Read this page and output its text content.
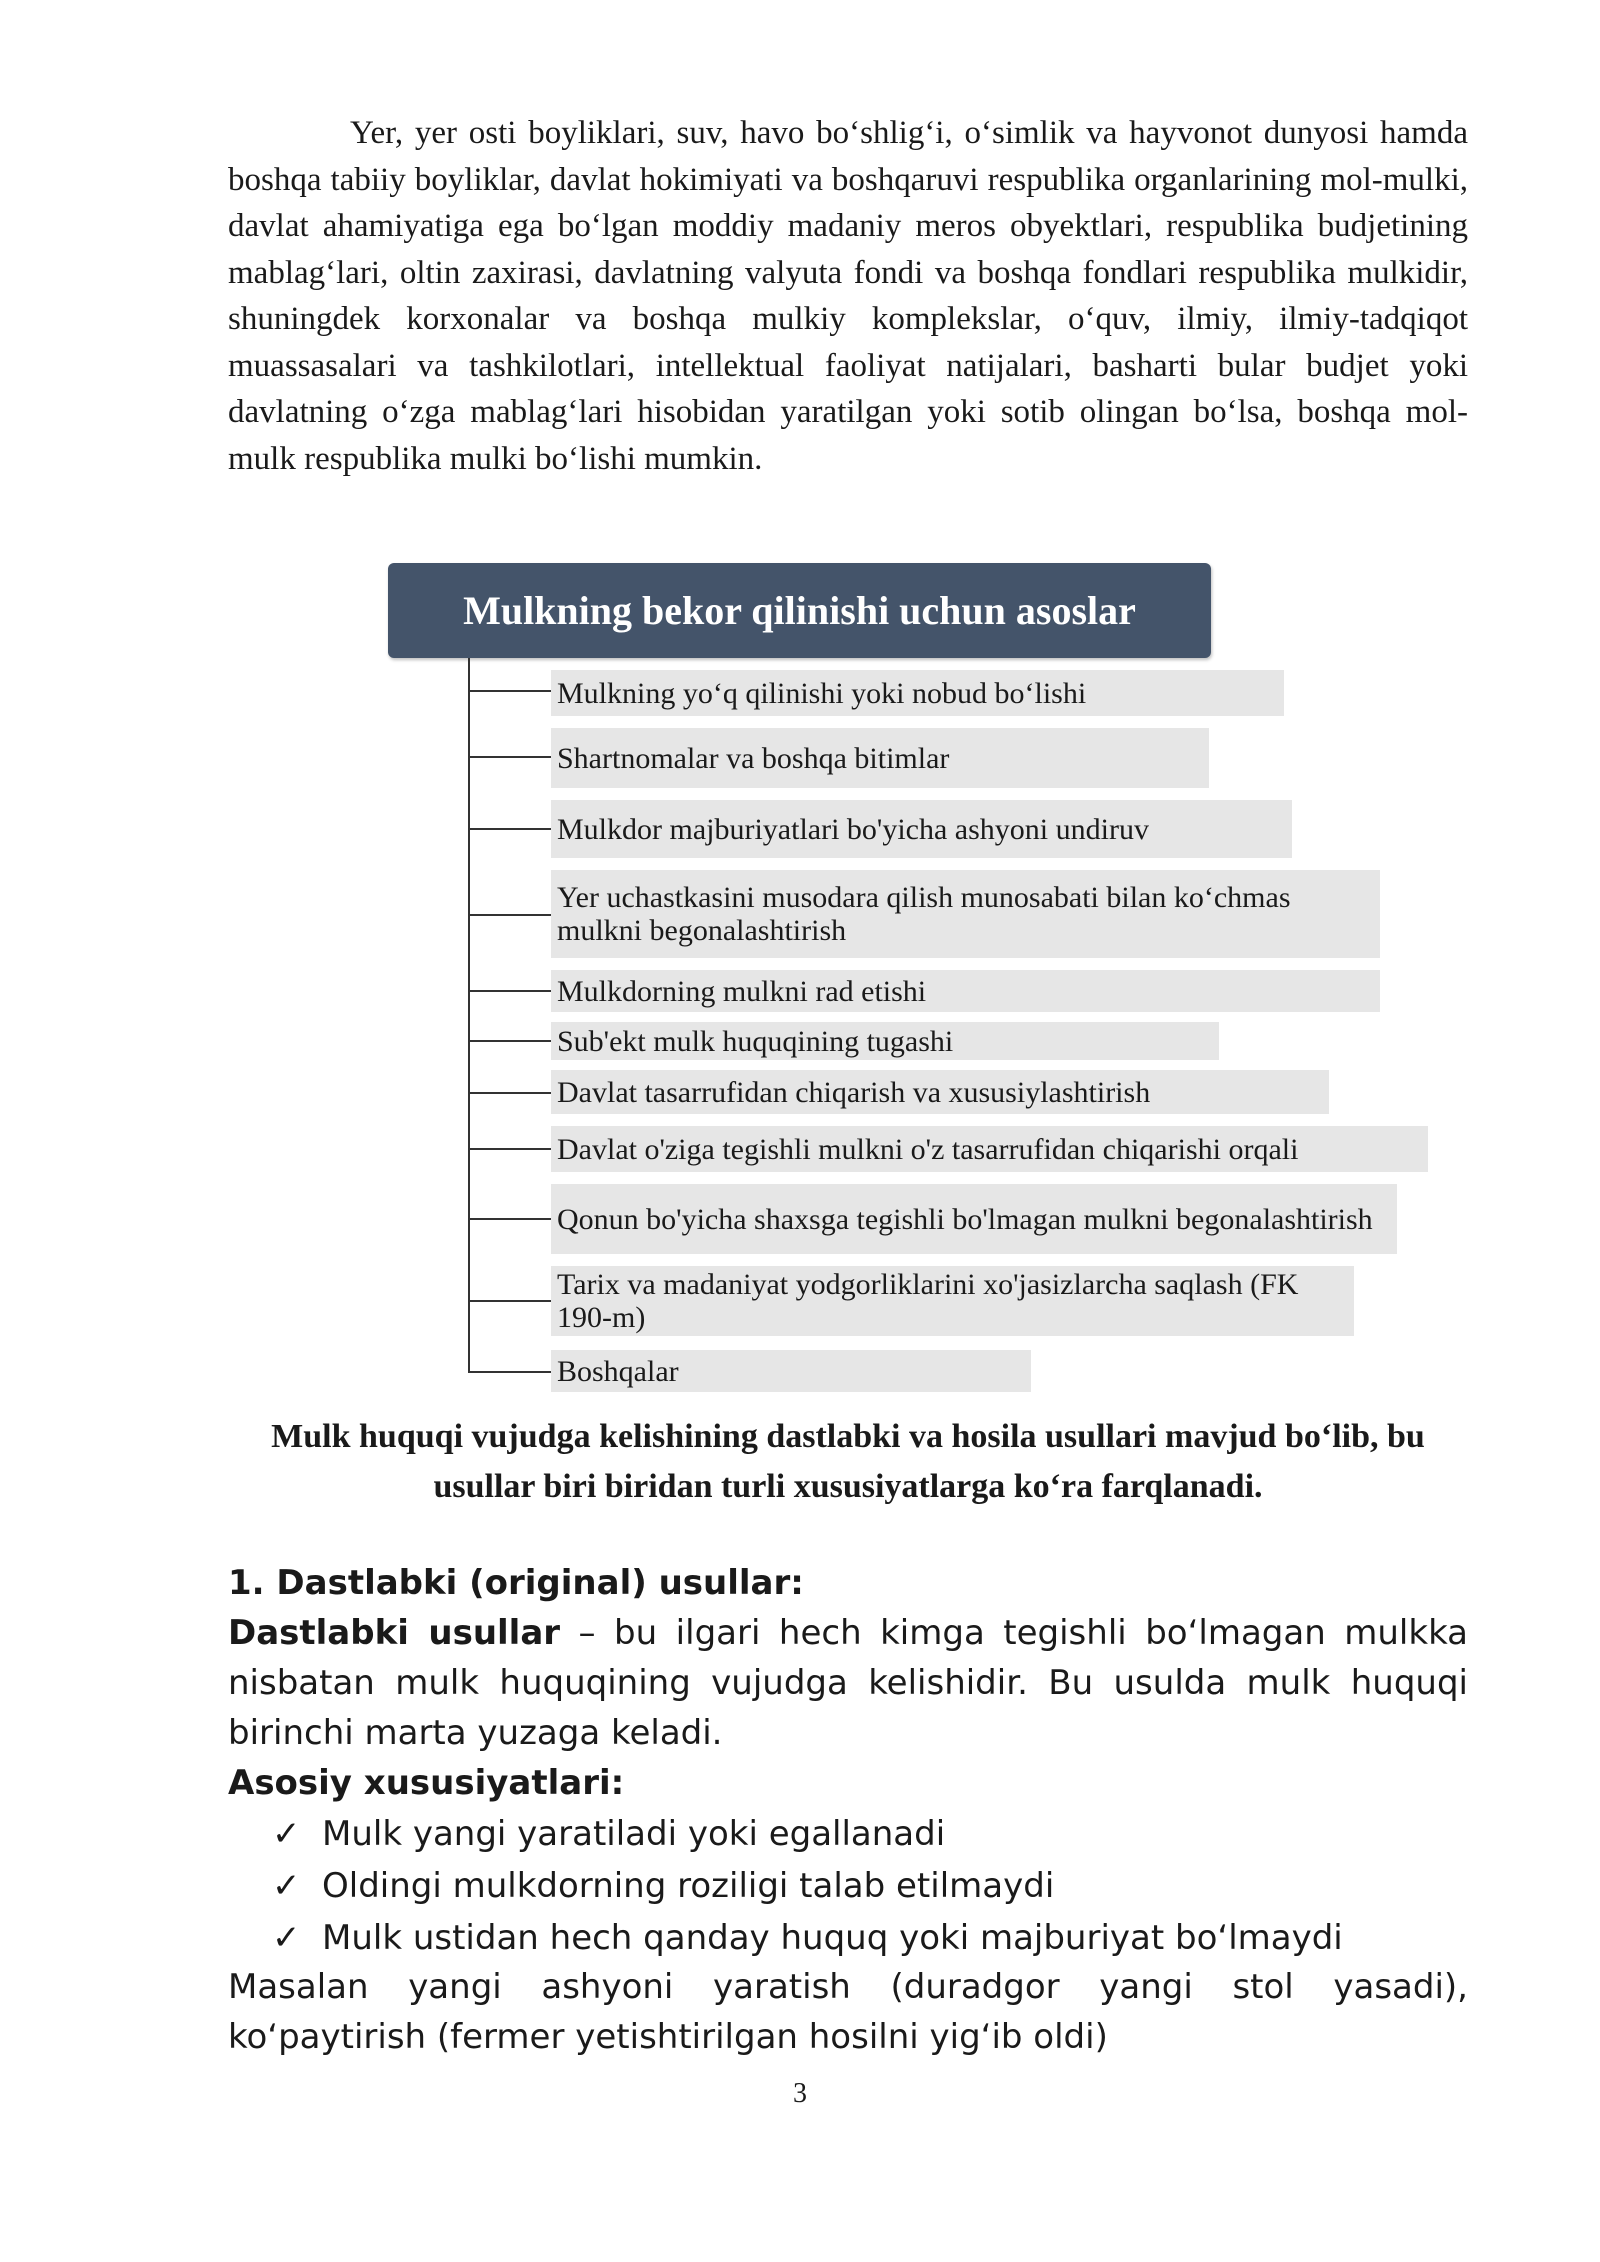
Yer, yer osti boyliklari, suv, havo bo‘shlig‘i, o‘simlik va hayvonot dunyosi hamda boshqa tabiiy boyliklar, davlat hokimiyati va boshqaruvi respublika organlarining mol-mulki, davlat ahamiyatiga ega bo‘lgan moddiy madaniy meros obyektlari, respublika budjetining mablag‘lari, oltin zaxirasi, davlatning valyuta fondi va boshqa fondlari respublika mulkidir, shuningdek korxonalar va boshqa mulkiy komplekslar, o‘quv, ilmiy, ilmiy-tadqiqot muassasalari va tashkilotlari, intellektual faoliyat natijalari, basharti bular budjet yoki davlatning o‘zga mablag‘lari hisobidan yaratilgan yoki sotib olingan bo‘lsa, boshqa mol-mulk respublika mulki bo‘lishi mumkin.

Mulkning bekor qilinishi uchun asoslar
Mulkning yo‘q qilinishi yoki nobud bo‘lishi
Shartnomalar va boshqa bitimlar
Mulkdor majburiyatlari bo'yicha ashyoni undiruv
Yer uchastkasini musodara qilish munosabati bilan ko‘chmas mulkni begonalashtirish
Mulkdorning mulkni rad etishi
Sub'ekt mulk huquqining tugashi
Davlat tasarrufidan chiqarish va xususiylashtirish
Davlat o'ziga tegishli mulkni o'z tasarrufidan chiqarishi orqali
Qonun bo'yicha shaxsga tegishli bo'lmagan mulkni begonalashtirish
Tarix va madaniyat yodgorliklarini xo'jasizlarcha saqlash (FK 190-m)
Boshqalar

Mulk huquqi vujudga kelishining dastlabki va hosila usullari mavjud bo‘lib, bu usullar biri biridan turli xususiyatlarga ko‘ra farqlanadi.

1. Dastlabki (original) usullar:

Dastlabki usullar – bu ilgari hech kimga tegishli bo‘lmagan mulkka nisbatan mulk huquqining vujudga kelishidir. Bu usulda mulk huquqi birinchi marta yuzaga keladi.

Asosiy xususiyatlari:

✓ Mulk yangi yaratiladi yoki egallanadi
✓ Oldingi mulkdorning roziligi talab etilmaydi
✓ Mulk ustidan hech qanday huquq yoki majburiyat bo‘lmaydi

Masalan yangi ashyoni yaratish (duradgor yangi stol yasadi), ko‘paytirish (fermer yetishtirilgan hosilni yig‘ib oldi)

3
